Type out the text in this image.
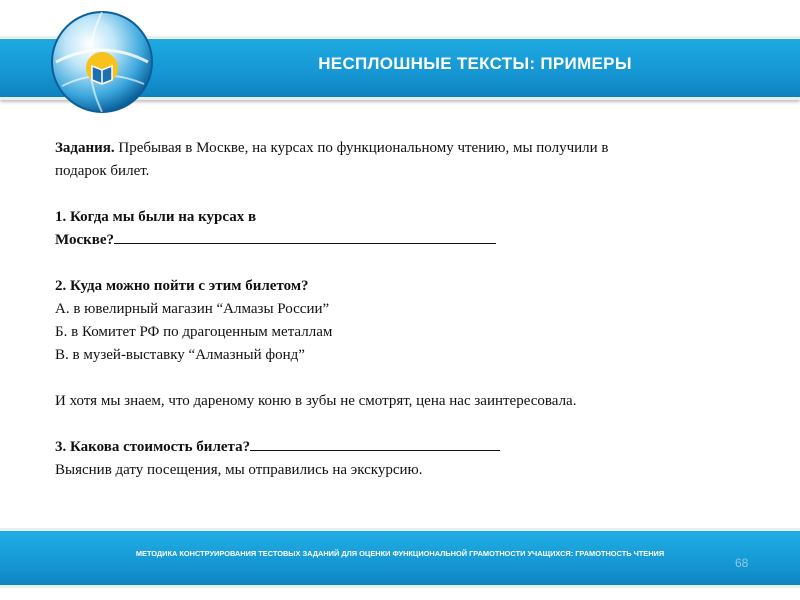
НЕСПЛОШНЫЕ ТЕКСТЫ: ПРИМЕРЫ

Задания. Пребывая в Москве, на курсах по функциональному чтению, мы получили в

подарок билет.

1. Когда мы были на курсах в

Москве?

2. Куда можно пойти с этим билетом?

А. в ювелирный магазин “Алмазы России”

Б. в Комитет РФ по драгоценным металлам

В. в музей-выставку “Алмазный фонд”

И хотя мы знаем, что дареному коню в зубы не смотрят, цена нас заинтересовала.

3. Какова стоимость билета?

Выяснив дату посещения, мы отправились на экскурсию.

МЕТОДИКА КОНСТРУИРОВАНИЯ ТЕСТОВЫХ ЗАДАНИЙ ДЛЯ ОЦЕНКИ ФУНКЦИОНАЛЬНОЙ ГРАМОТНОСТИ УЧАЩИХСЯ: ГРАМОТНОСТЬ ЧТЕНИЯ
68
